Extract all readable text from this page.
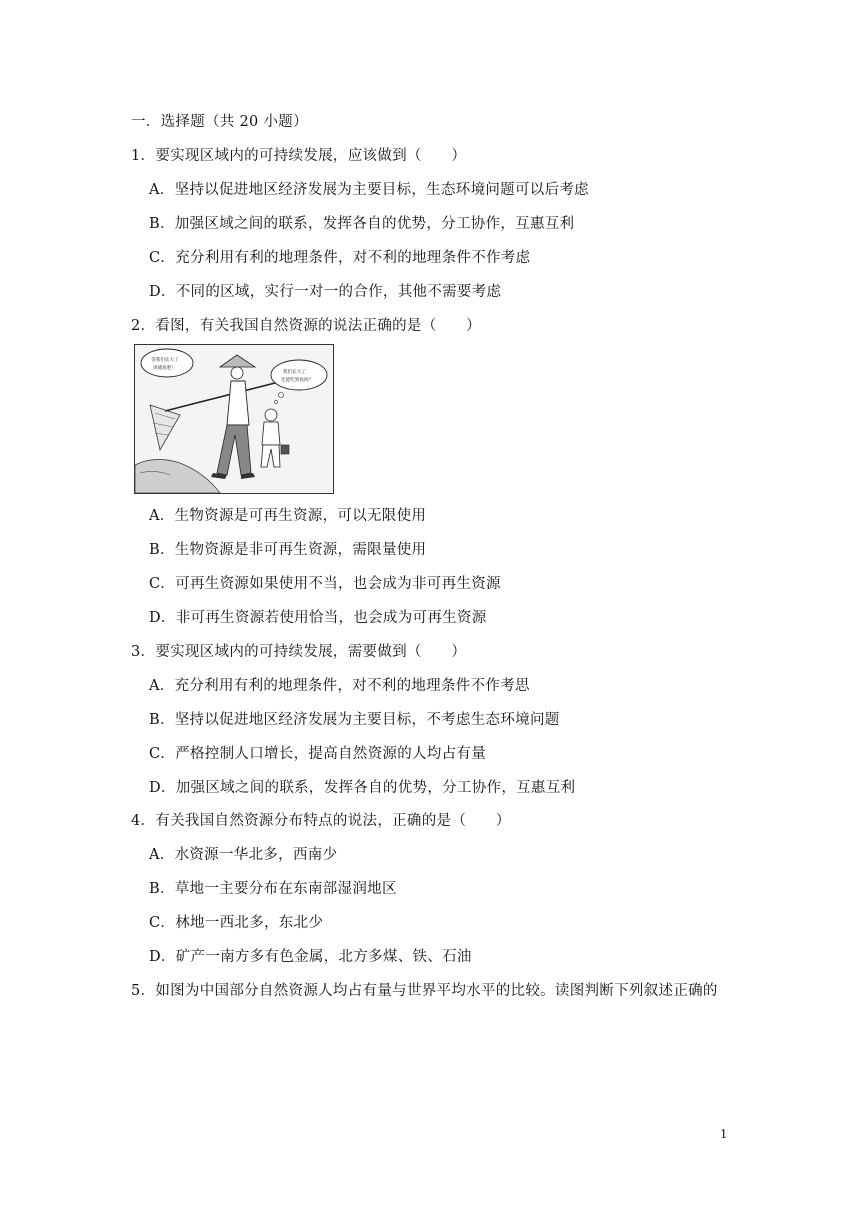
一．选择题（共 20 小题）
1．要实现区域内的可持续发展，应该做到（　　）
A．坚持以促进地区经济发展为主要目标，生态环境问题可以后考虑
B．加强区域之间的联系，发挥各自的优势，分工协作，互惠互利
C．充分利用有利的地理条件，对不利的地理条件不作考虑
D．不同的区域，实行一对一的合作，其他不需要考虑
2．看图，有关我国自然资源的说法正确的是（　　）
等我们长大了
再捕鱼吧！
我们长大了
还能吃到鱼吗？
A．生物资源是可再生资源，可以无限使用
B．生物资源是非可再生资源，需限量使用
C．可再生资源如果使用不当，也会成为非可再生资源
D．非可再生资源若使用恰当，也会成为可再生资源
3．要实现区域内的可持续发展，需要做到（　　）
A．充分利用有利的地理条件，对不利的地理条件不作考思
B．坚持以促进地区经济发展为主要目标，不考虑生态环境问题
C．严格控制人口增长，提高自然资源的人均占有量
D．加强区域之间的联系，发挥各自的优势，分工协作，互惠互利
4．有关我国自然资源分布特点的说法，正确的是（　　）
A．水资源一华北多，西南少
B．草地一主要分布在东南部湿润地区
C．林地一西北多，东北少
D．矿产一南方多有色金属，北方多煤、铁、石油
5．如图为中国部分自然资源人均占有量与世界平均水平的比较。读图判断下列叙述正确的
1
